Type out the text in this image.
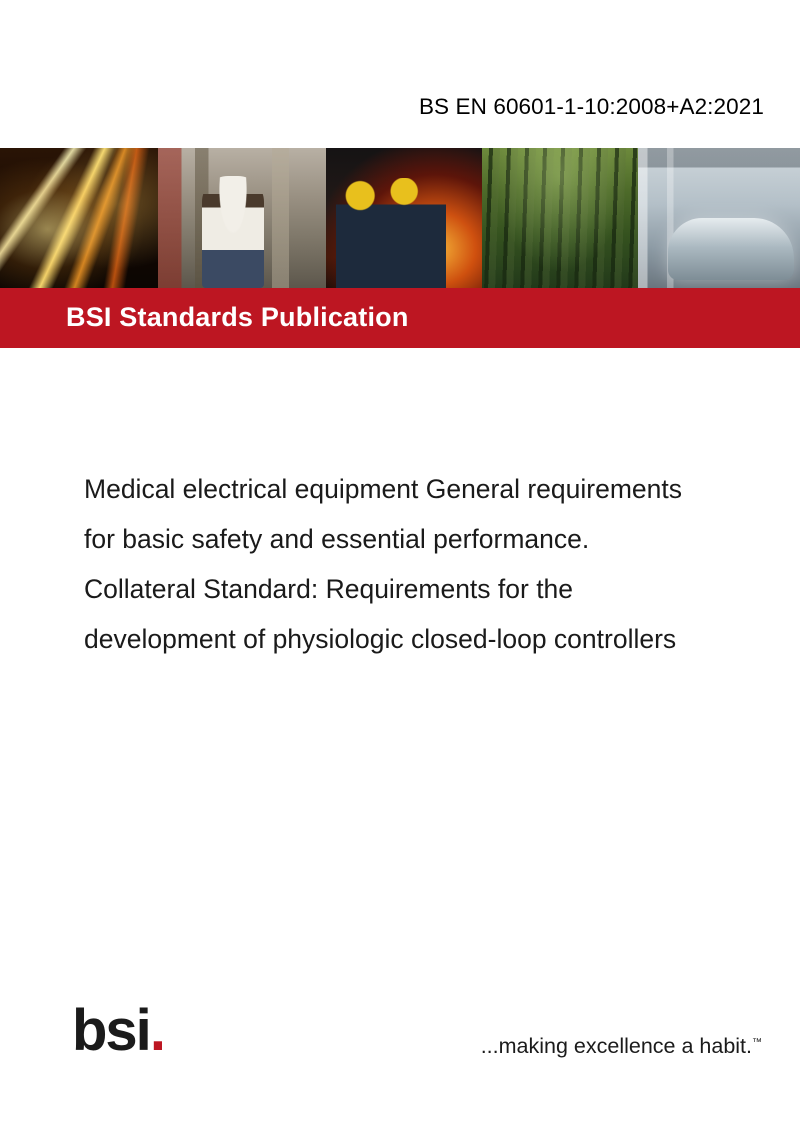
BS EN 60601-1-10:2008+A2:2021
BSI Standards Publication
Medical electrical equipment General requirements for basic safety and essential performance. Collateral Standard: Requirements for the development of physiologic closed-loop controllers
bsi.	...making excellence a habit.™
